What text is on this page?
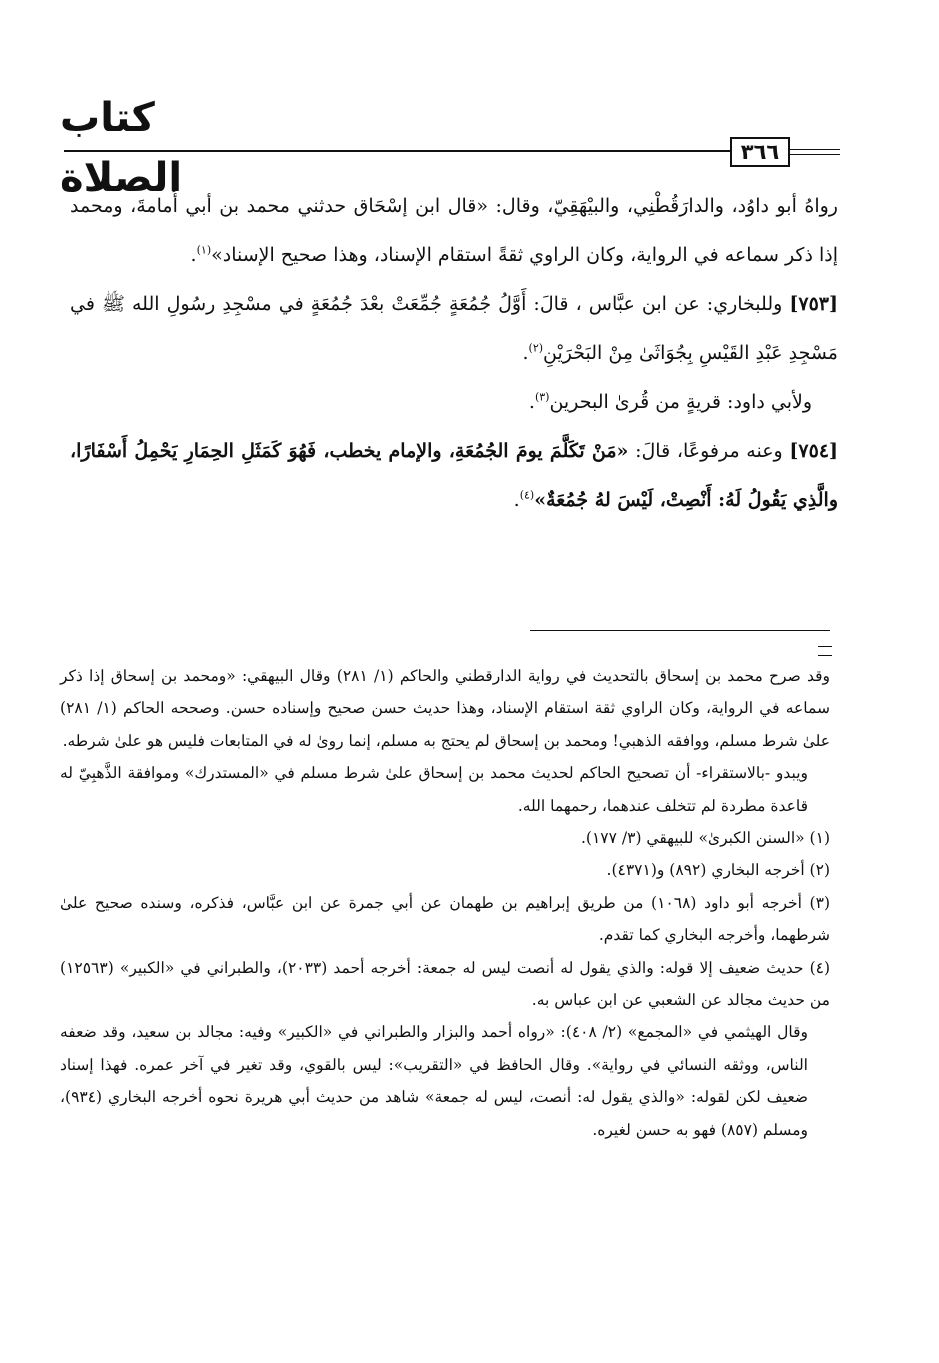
كتاب الصلاة
٣٦٦

رواهُ أبو داوُد، والدارَقُطْنِي، والبيْهَقِيّ، وقال: «قال ابن إسْحَاق حدثني محمد بن أبي أُمامةَ، ومحمد إذا ذكر سماعه في الرواية، وكان الراوي ثقةً استقام الإسناد، وهذا صحيح الإسناد»$^{(١)}$.

[٧٥٣] وللبخاري: عن ابن عبَّاس ، قالَ: أَوَّلُ جُمُعَةٍ جُمِّعَتْ بعْدَ جُمُعَةٍ في مسْجِدِ رسُولِ الله ﷺ في مَسْجِدِ عَبْدِ القَيْسِ بِجُوَاثَىٰ مِنْ البَحْرَيْنِ$^{(٢)}$.

ولأبي داود: قريةٍ من قُرىٰ البحرين$^{(٣)}$.

[٧٥٤] وعنه مرفوعًا، قالَ: «مَنْ تَكَلَّمَ يومَ الجُمُعَةِ، والإمام يخطب، فَهُوَ كَمَثَلِ الحِمَارِ يَحْمِلُ أَسْفَارًا، والَّذِي يَقُولُ لَهُ: أَنْصِتْ، لَيْسَ لهُ جُمُعَةٌ»$^{(٤)}$.

وقد صرح محمد بن إسحاق بالتحديث في رواية الدارقطني والحاكم (١/ ٢٨١) وقال البيهقي: «ومحمد بن إسحاق إذا ذكر سماعه في الرواية، وكان الراوي ثقة استقام الإسناد، وهذا حديث حسن صحيح وإسناده حسن. وصححه الحاكم (١/ ٢٨١) علىٰ شرط مسلم، ووافقه الذهبي! ومحمد بن إسحاق لم يحتج به مسلم، إنما روىٰ له في المتابعات فليس هو علىٰ شرطه.

ويبدو -بالاستقراء- أن تصحيح الحاكم لحديث محمد بن إسحاق علىٰ شرط مسلم في «المستدرك» وموافقة الذَّهبِيّ له قاعدة مطردة لم تتخلف عندهما، رحمهما الله.

(١) «السنن الكبرىٰ» للبيهقي (٣/ ١٧٧).

(٢) أخرجه البخاري (٨٩٢) و(٤٣٧١).

(٣) أخرجه أبو داود (١٠٦٨) من طريق إبراهيم بن طهمان عن أبي جمرة عن ابن عبَّاس، فذكره، وسنده صحيح علىٰ شرطهما، وأخرجه البخاري كما تقدم.

(٤) حديث ضعيف إلا قوله: والذي يقول له أنصت ليس له جمعة: أخرجه أحمد (٢٠٣٣)، والطبراني في «الكبير» (١٢٥٦٣) من حديث مجالد عن الشعبي عن ابن عباس به.

وقال الهيثمي في «المجمع» (٢/ ٤٠٨): «رواه أحمد والبزار والطبراني في «الكبير» وفيه: مجالد بن سعيد، وقد ضعفه الناس، ووثقه النسائي في رواية». وقال الحافظ في «التقريب»: ليس بالقوي، وقد تغير في آخر عمره. فهذا إسناد ضعيف لكن لقوله: «والذي يقول له: أنصت، ليس له جمعة» شاهد من حديث أبي هريرة نحوه أخرجه البخاري (٩٣٤)، ومسلم (٨٥٧) فهو به حسن لغيره.
